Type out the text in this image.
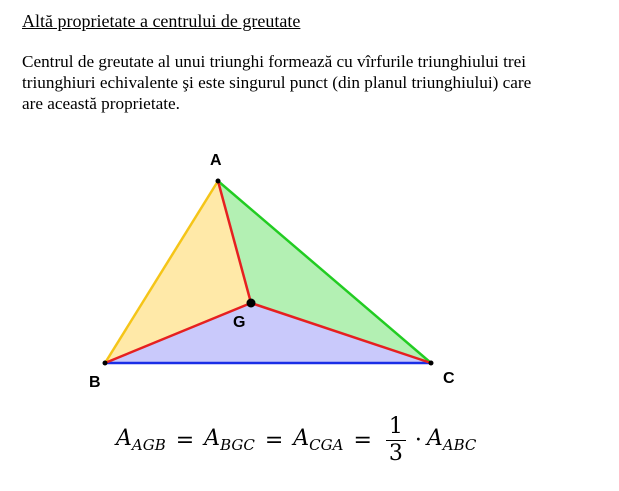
Altă proprietate a centrului de greutate
Centrul de greutate al unui triunghi formează cu vîrfurile triunghiului trei
triunghiuri echivalente şi este singurul punct (din planul triunghiului) care
are această proprietate.
A
B	C
G
$A_{AGB} = A_{BGC} = A_{CGA} = \frac{1}{3} \cdot A_{ABC}$
